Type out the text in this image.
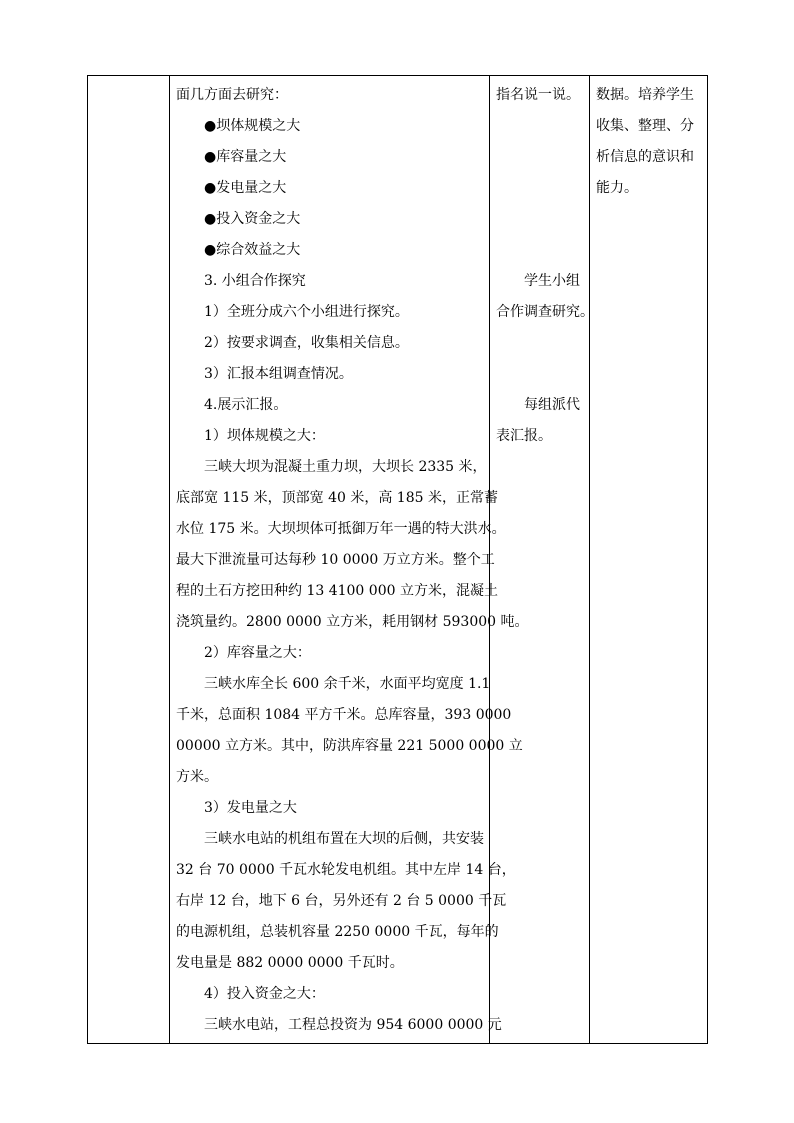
面几方面去研究：
●坝体规模之大
●库容量之大
●发电量之大
●投入资金之大
●综合效益之大
3. 小组合作探究
1）全班分成六个小组进行探究。
2）按要求调查，收集相关信息。
3）汇报本组调查情况。
4.展示汇报。
1）坝体规模之大：
三峡大坝为混凝土重力坝，大坝长 2335 米，
底部宽 115 米，顶部宽 40 米，高 185 米，正常蓄
水位 175 米。大坝坝体可抵御万年一遇的特大洪水。
最大下泄流量可达每秒 10 0000 万立方米。整个工
程的土石方挖田种约 13 4100 000 立方米，混凝土
浇筑量约。2800 0000 立方米，耗用钢材 593000 吨。
2）库容量之大：
三峡水库全长 600 余千米，水面平均宽度 1.1
千米，总面积 1084 平方千米。总库容量，393 0000
00000 立方米。其中，防洪库容量 221 5000 0000 立
方米。
3）发电量之大
三峡水电站的机组布置在大坝的后侧，共安装
32 台 70 0000 千瓦水轮发电机组。其中左岸 14 台，
右岸 12 台，地下 6 台，另外还有 2 台 5 0000 千瓦
的电源机组，总装机容量 2250 0000 千瓦，每年的
发电量是 882 0000 0000 千瓦时。
4）投入资金之大：
三峡水电站，工程总投资为 954 6000 0000 元
指名说一说。
学生小组
合作调查研究。
每组派代
表汇报。
数据。培养学生
收集、整理、分
析信息的意识和
能力。
